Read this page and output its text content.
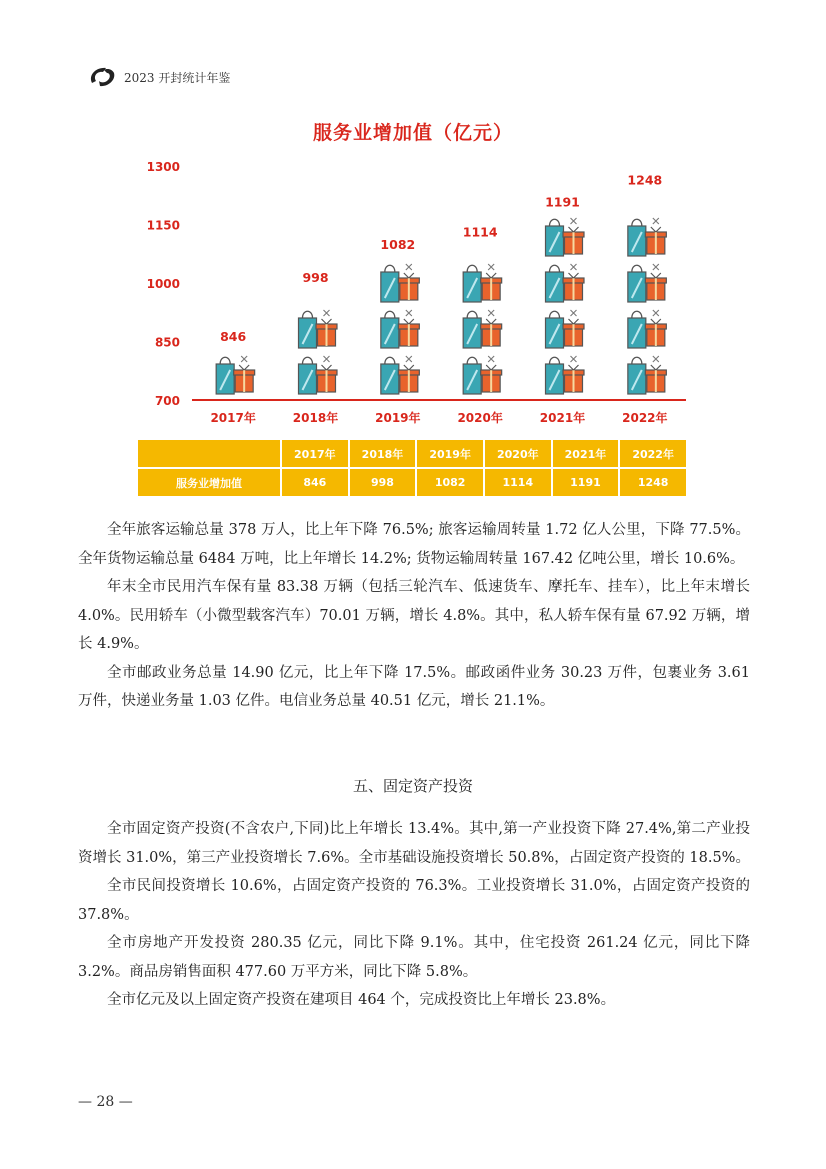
2023 开封统计年鉴
服务业增加值（亿元）
700
850
1000
1150
1300
846
2017年
998
2018年
1082
2019年
1114
2020年
1191
2021年
1248
2022年
	2017年	2018年	2019年	2020年	2021年	2022年
服务业增加值	846	998	1082	1114	1191	1248

全年旅客运输总量 378 万人，比上年下降 76.5%; 旅客运输周转量 1.72 亿人公里，下降 77.5%。全年货物运输总量 6484 万吨，比上年增长 14.2%; 货物运输周转量 167.42 亿吨公里，增长 10.6%。

年末全市民用汽车保有量 83.38 万辆（包括三轮汽车、低速货车、摩托车、挂车），比上年末增长 4.0%。民用轿车（小微型载客汽车）70.01 万辆，增长 4.8%。其中，私人轿车保有量 67.92 万辆，增长 4.9%。

全市邮政业务总量 14.90 亿元，比上年下降 17.5%。邮政函件业务 30.23 万件，包裹业务 3.61 万件，快递业务量 1.03 亿件。电信业务总量 40.51 亿元，增长 21.1%。

五、固定资产投资

全市固定资产投资(不含农户,下同)比上年增长 13.4%。其中,第一产业投资下降 27.4%,第二产业投资增长 31.0%，第三产业投资增长 7.6%。全市基础设施投资增长 50.8%，占固定资产投资的 18.5%。

全市民间投资增长 10.6%，占固定资产投资的 76.3%。工业投资增长 31.0%，占固定资产投资的 37.8%。

全市房地产开发投资 280.35 亿元，同比下降 9.1%。其中，住宅投资 261.24 亿元，同比下降 3.2%。商品房销售面积 477.60 万平方米，同比下降 5.8%。

全市亿元及以上固定资产投资在建项目 464 个，完成投资比上年增长 23.8%。

— 28 —
